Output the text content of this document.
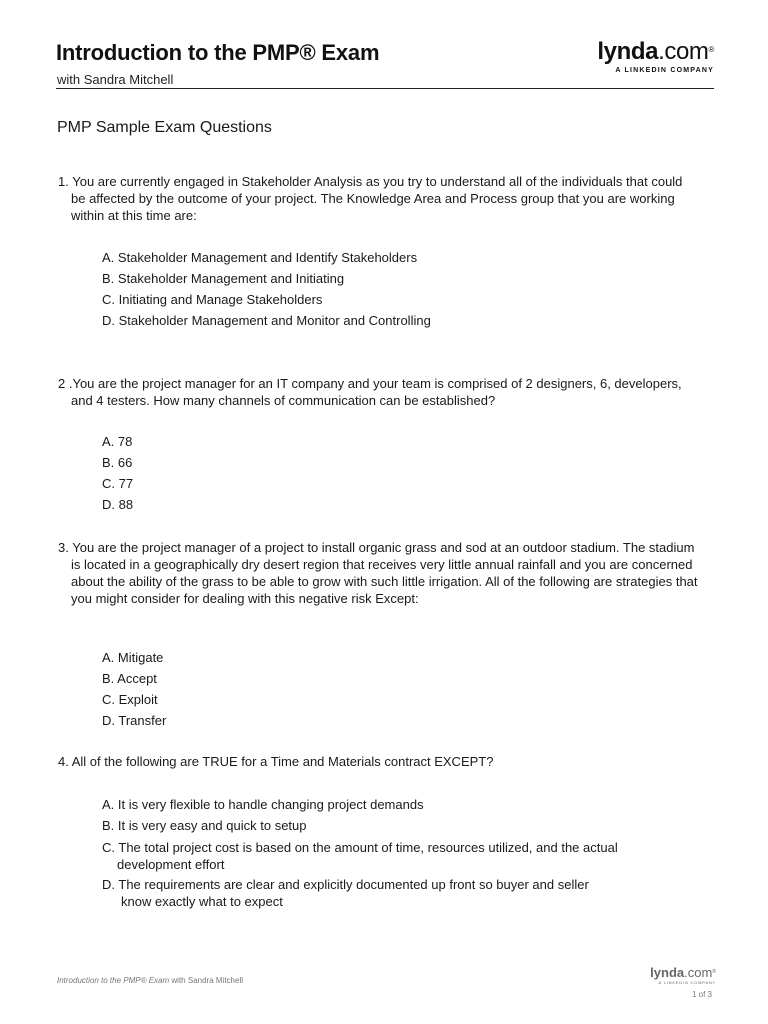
Introduction to the PMP® Exam
with Sandra Mitchell
lynda.com®
A LINKEDIN COMPANY
PMP Sample Exam Questions
1. You are currently engaged in Stakeholder Analysis as you try to understand all of the individuals that could be affected by the outcome of your project. The Knowledge Area and Process group that you are working within at this time are:
A. Stakeholder Management and Identify Stakeholders
B. Stakeholder Management and Initiating
C. Initiating and Manage Stakeholders
D. Stakeholder Management and Monitor and Controlling
2 .You are the project manager for an IT company and your team is comprised of 2 designers, 6, developers, and 4 testers. How many channels of communication can be established?
A. 78
B. 66
C. 77
D. 88
3. You are the project manager of a project to install organic grass and sod at an outdoor stadium. The stadium is located in a geographically dry desert region that receives very little annual rainfall and you are concerned about the ability of the grass to be able to grow with such little irrigation. All of the following are strategies that you might consider for dealing with this negative risk Except:
A. Mitigate
B. Accept
C. Exploit
D. Transfer
4. All of the following are TRUE for a Time and Materials contract EXCEPT?
A. It is very flexible to handle changing project demands
B. It is very easy and quick to setup
C. The total project cost is based on the amount of time, resources utilized, and the actual
development effort
D. The requirements are clear and explicitly documented up front so buyer and seller
know exactly what to expect
Introduction to the PMP® Exam with Sandra Mitchell
lynda.com®
A LINKEDIN COMPANY
1 of 3
